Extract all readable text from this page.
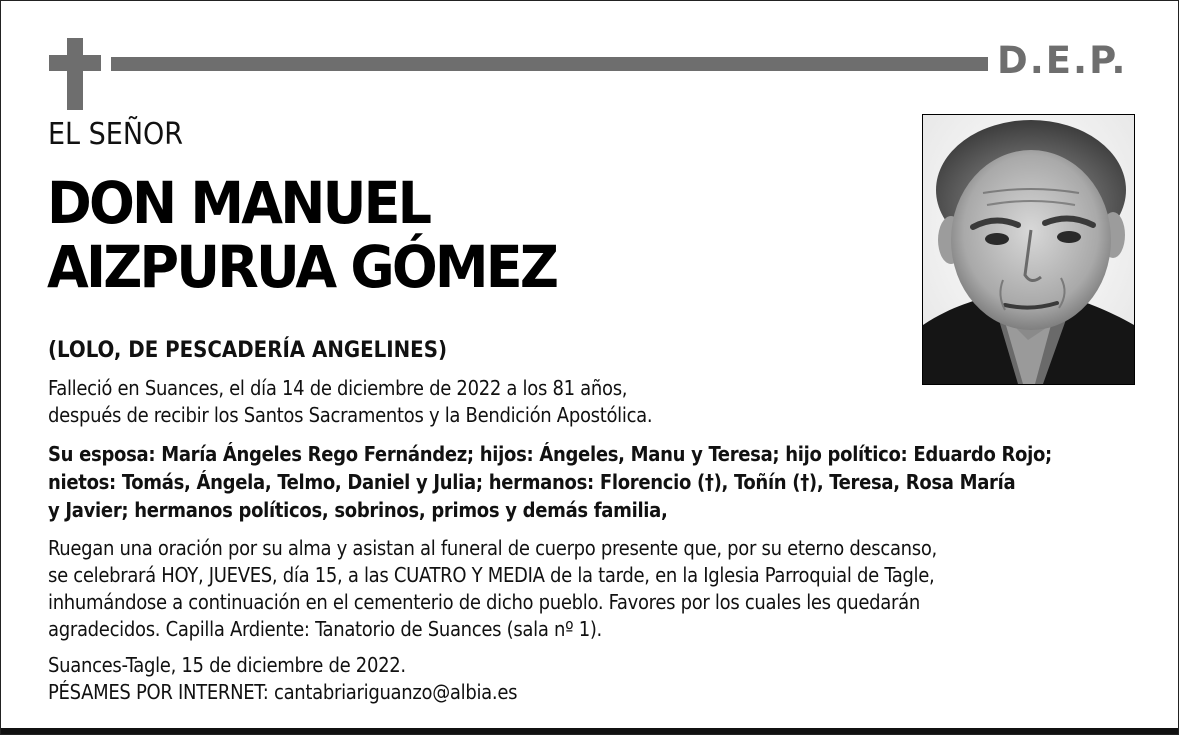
D.E.P.
EL SEÑOR
DON MANUEL
AIZPURUA GÓMEZ
(LOLO, DE PESCADERÍA ANGELINES)
Falleció en Suances, el día 14 de diciembre de 2022 a los 81 años,
después de recibir los Santos Sacramentos y la Bendición Apostólica.
Su esposa: María Ángeles Rego Fernández; hijos: Ángeles, Manu y Teresa; hijo político: Eduardo Rojo;
nietos: Tomás, Ángela, Telmo, Daniel y Julia; hermanos: Florencio (†), Toñín (†), Teresa, Rosa María
y Javier; hermanos políticos, sobrinos, primos y demás familia,
Ruegan una oración por su alma y asistan al funeral de cuerpo presente que, por su eterno descanso,
se celebrará HOY, JUEVES, día 15, a las CUATRO Y MEDIA de la tarde, en la Iglesia Parroquial de Tagle,
inhumándose a continuación en el cementerio de dicho pueblo. Favores por los cuales les quedarán
agradecidos. Capilla Ardiente: Tanatorio de Suances (sala nº 1).
Suances-Tagle, 15 de diciembre de 2022.
PÉSAMES POR INTERNET: cantabriariguanzo@albia.es
